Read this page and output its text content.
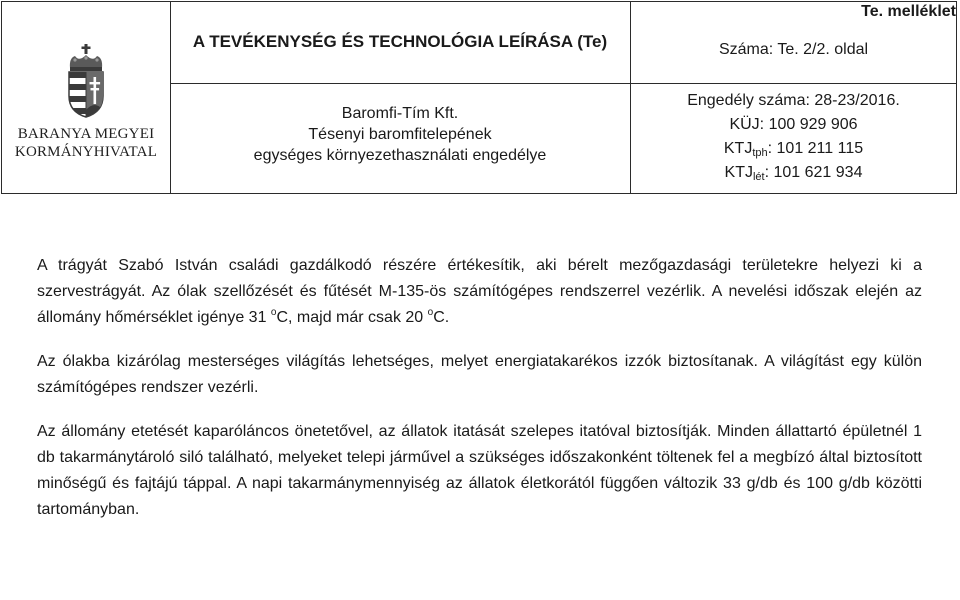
BARANYA MEGYEI
KORMÁNYHIVATAL
A TEVÉKENYSÉG ÉS TECHNOLÓGIA LEÍRÁSA (Te)
Baromfi-Tím Kft.
Tésenyi baromfitelepének
egységes környezethasználati engedélye
Te. melléklet
Száma: Te. 2/2. oldal
Engedély száma: 28-23/2016.
KÜJ: 100 929 906
$KTJ_{tph}$: 101 211 115
$KTJ_{lét}$: 101 621 934

A trágyát Szabó István családi gazdálkodó részére értékesítik, aki bérelt mezőgazdasági területekre helyezi ki a szervestrágyát. Az ólak szellőzését és fűtését M-135-ös számítógépes rendszerrel vezérlik. A nevelési időszak elején az állomány hőmérséklet igénye 31 $^o$C, majd már csak 20 $^o$C.

Az ólakba kizárólag mesterséges világítás lehetséges, melyet energiatakarékos izzók biztosítanak. A világítást egy külön számítógépes rendszer vezérli.

Az állomány etetését kaparóláncos önetetővel, az állatok itatását szelepes itatóval biztosítják. Minden állattartó épületnél 1 db takarmánytároló siló található, melyeket telepi járművel a szükséges időszakonként töltenek fel a megbízó által biztosított minőségű és fajtájú táppal. A napi takarmánymennyiség az állatok életkorától függően változik 33 g/db és 100 g/db közötti tartományban.
